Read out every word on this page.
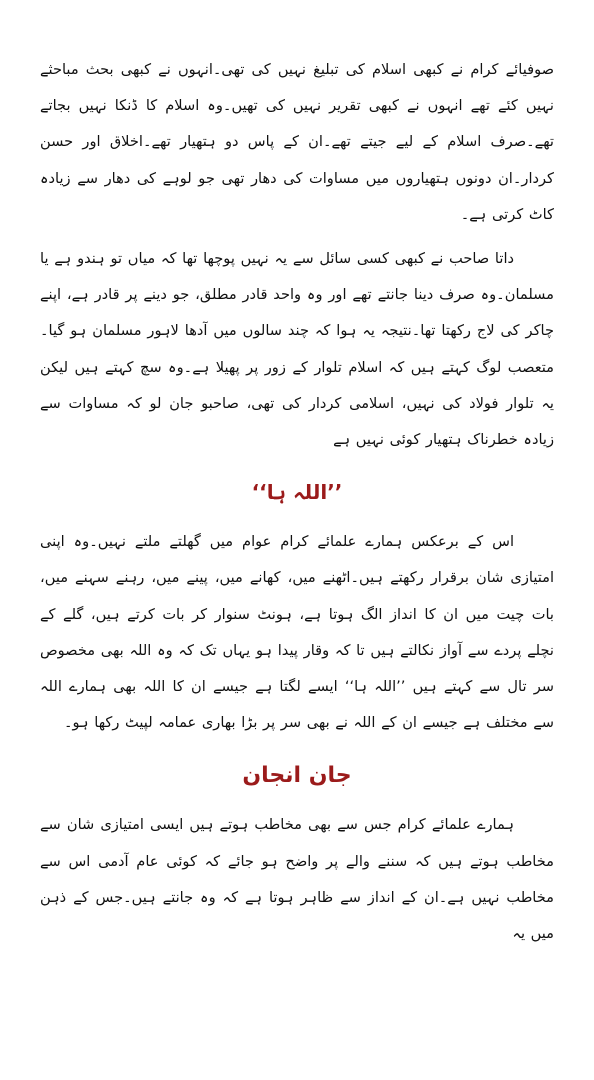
صوفیائے کرام نے کبھی اسلام کی تبلیغ نہیں کی تھی۔انہوں نے کبھی بحث مباحثے نہیں کئے تھے انہوں نے کبھی تقریر نہیں کی تھیں۔وہ اسلام کا ڈنکا نہیں بجاتے تھے۔صرف اسلام کے لیے جیتے تھے۔ان کے پاس دو ہتھیار تھے۔اخلاق اور حسن کردار۔ان دونوں ہتھیاروں میں مساوات کی دھار تھی جو لوہے کی دھار سے زیادہ کاٹ کرتی ہے۔

داتا صاحب نے کبھی کسی سائل سے یہ نہیں پوچھا تھا کہ میاں تو ہندو ہے یا مسلمان۔وہ صرف دینا جانتے تھے اور وہ واحد قادر مطلق، جو دینے پر قادر ہے، اپنے چاکر کی لاج رکھتا تھا۔نتیجہ یہ ہوا کہ چند سالوں میں آدھا لاہور مسلمان ہو گیا۔متعصب لوگ کہتے ہیں کہ اسلام تلوار کے زور پر پھیلا ہے۔وہ سچ کہتے ہیں لیکن یہ تلوار فولاد کی نہیں، اسلامی کردار کی تھی، صاحبو جان لو کہ مساوات سے زیادہ خطرناک ہتھیار کوئی نہیں ہے

’’اللہ ہا‘‘

اس کے برعکس ہمارے علمائے کرام عوام میں گھلتے ملتے نہیں۔وہ اپنی امتیازی شان برقرار رکھتے ہیں۔اٹھنے میں، کھانے میں، پینے میں، رہنے سہنے میں، بات چیت میں ان کا انداز الگ ہوتا ہے، ہونٹ سنوار کر بات کرتے ہیں، گلے کے نچلے پردے سے آواز نکالتے ہیں تا کہ وقار پیدا ہو یہاں تک کہ وہ اللہ بھی مخصوص سر تال سے کہتے ہیں ’’اللہ ہا‘‘ ایسے لگتا ہے جیسے ان کا اللہ بھی ہمارے اللہ سے مختلف ہے جیسے ان کے اللہ نے بھی سر پر بڑا بھاری عمامہ لپیٹ رکھا ہو۔

جان انجان

ہمارے علمائے کرام جس سے بھی مخاطب ہوتے ہیں ایسی امتیازی شان سے مخاطب ہوتے ہیں کہ سننے والے پر واضح ہو جائے کہ کوئی عام آدمی اس سے مخاطب نہیں ہے۔ان کے انداز سے ظاہر ہوتا ہے کہ وہ جانتے ہیں۔جس کے ذہن میں یہ
